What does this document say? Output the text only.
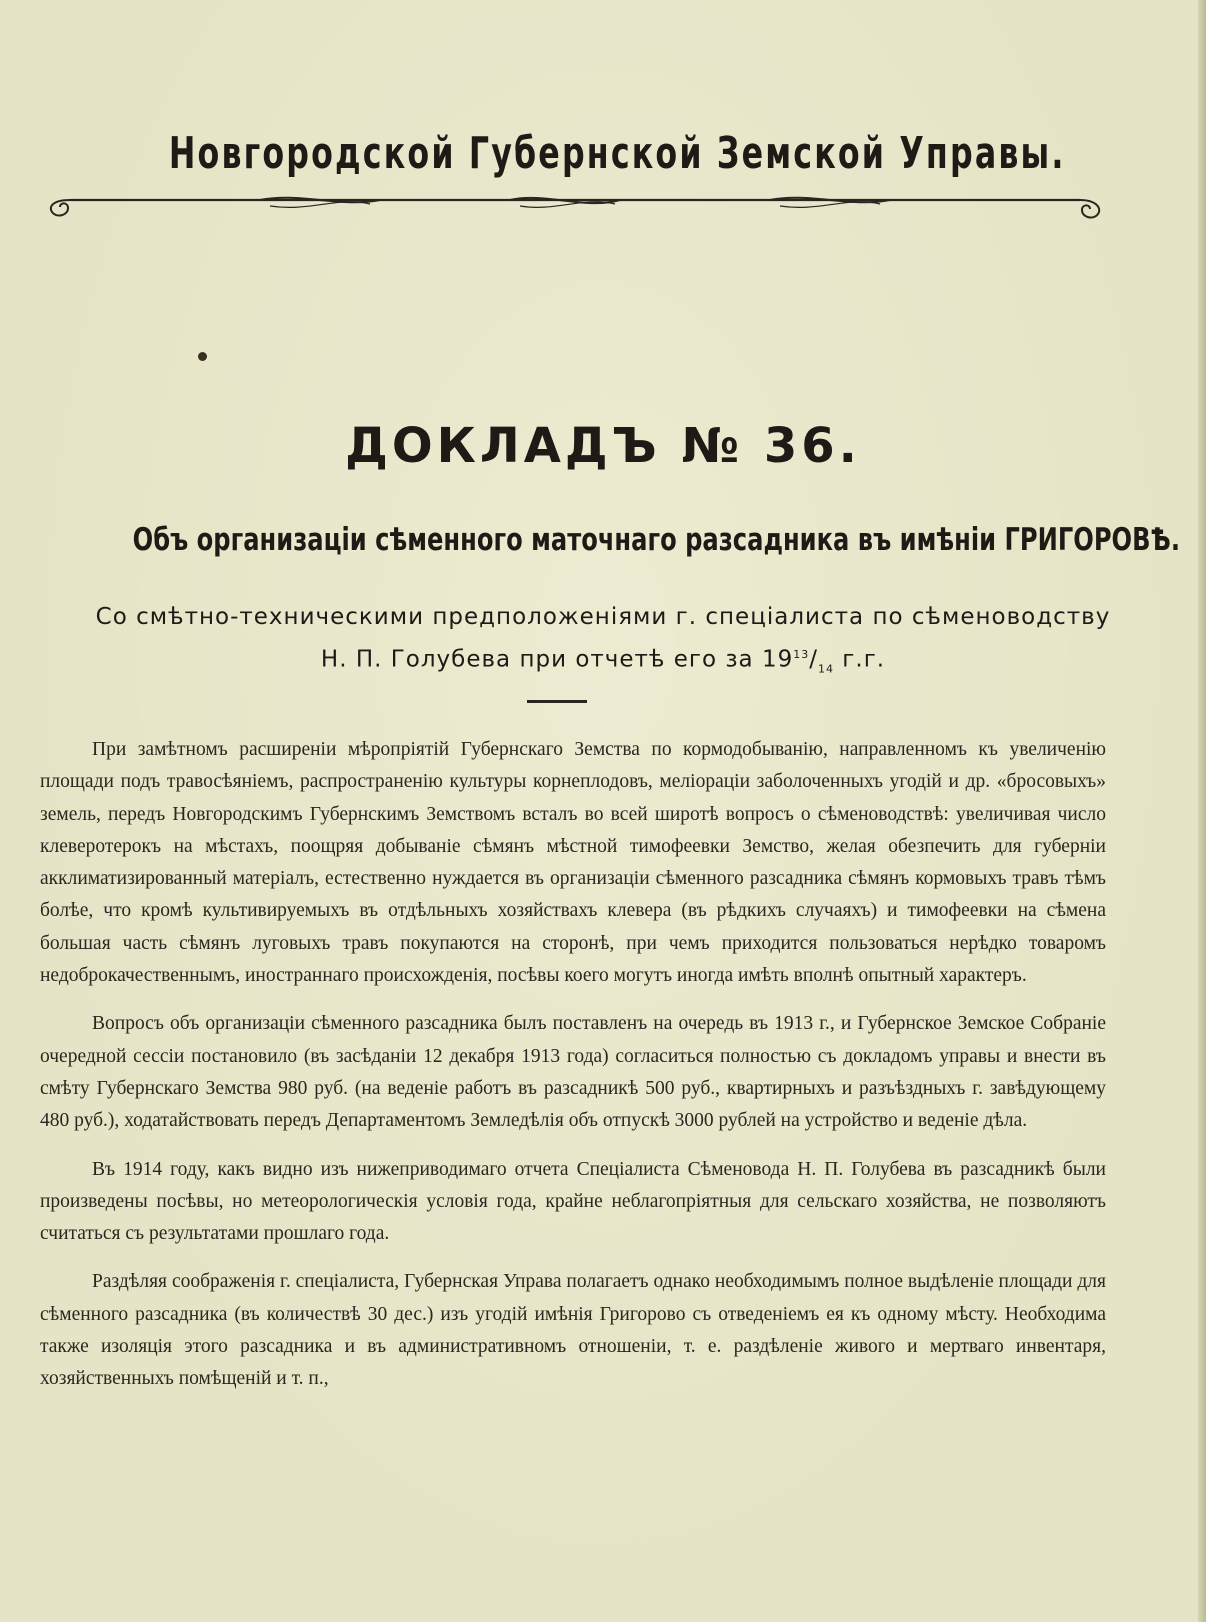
Новгородской Губернской Земской Управы.
ДОКЛАДЪ № 36.
Объ организаціи сѣменного маточнаго разсадника въ имѣніи ГРИГОРОВѢ.
Со смѣтно-техническими предположеніями г. спеціалиста по сѣменоводству
Н. П. Голубева при отчетѣ его за $19^{13}/_{14}$ г.г.

При замѣтномъ расширеніи мѣропріятій Губернскаго Земства по кормодобыванію, направленномъ къ увеличенію площади подъ травосѣяніемъ, распространенію культуры корнеплодовъ, меліораціи заболоченныхъ угодій и др. «бросовыхъ» земель, передъ Новгородскимъ Губернскимъ Земствомъ всталъ во всей широтѣ вопросъ о сѣменоводствѣ: увеличивая число клеверотерокъ на мѣстахъ, поощряя добываніе сѣмянъ мѣстной тимофеевки Земство, желая обезпечить для губерніи акклиматизированный матеріалъ, естественно нуждается въ организаціи сѣменного разсадника сѣмянъ кормовыхъ травъ тѣмъ болѣе, что кромѣ культивируемыхъ въ отдѣльныхъ хозяйствахъ клевера (въ рѣдкихъ случаяхъ) и тимофеевки на сѣмена большая часть сѣмянъ луговыхъ травъ покупаются на сторонѣ, при чемъ приходится пользоваться нерѣдко товаромъ недоброкачественнымъ, иностраннаго происхожденія, посѣвы коего могутъ иногда имѣть вполнѣ опытный характеръ.

Вопросъ объ организаціи сѣменного разсадника былъ поставленъ на очередь въ 1913 г., и Губернское Земское Собраніе очередной сессіи постановило (въ засѣданіи 12 декабря 1913 года) согласиться полностью съ докладомъ управы и внести въ смѣту Губернскаго Земства 980 руб. (на веденіе работъ въ разсадникѣ 500 руб., квартирныхъ и разъѣздныхъ г. завѣдующему 480 руб.), ходатайствовать передъ Департаментомъ Земледѣлія объ отпускѣ 3000 рублей на устройство и веденіе дѣла.

Въ 1914 году, какъ видно изъ нижеприводимаго отчета Спеціалиста Сѣменовода Н. П. Голубева въ разсадникѣ были произведены посѣвы, но метеорологическія условія года, крайне неблагопріятныя для сельскаго хозяйства, не позволяютъ считаться съ результатами прошлаго года.

Раздѣляя соображенія г. спеціалиста, Губернская Управа полагаетъ однако необходимымъ полное выдѣленіе площади для сѣменного разсадника (въ количествѣ 30 дес.) изъ угодій имѣнія Григорово съ отведеніемъ ея къ одному мѣсту. Необходима также изоляція этого разсадника и въ административномъ отношеніи, т. е. раздѣленіе живого и мертваго инвентаря, хозяйственныхъ помѣщеній и т. п.,
